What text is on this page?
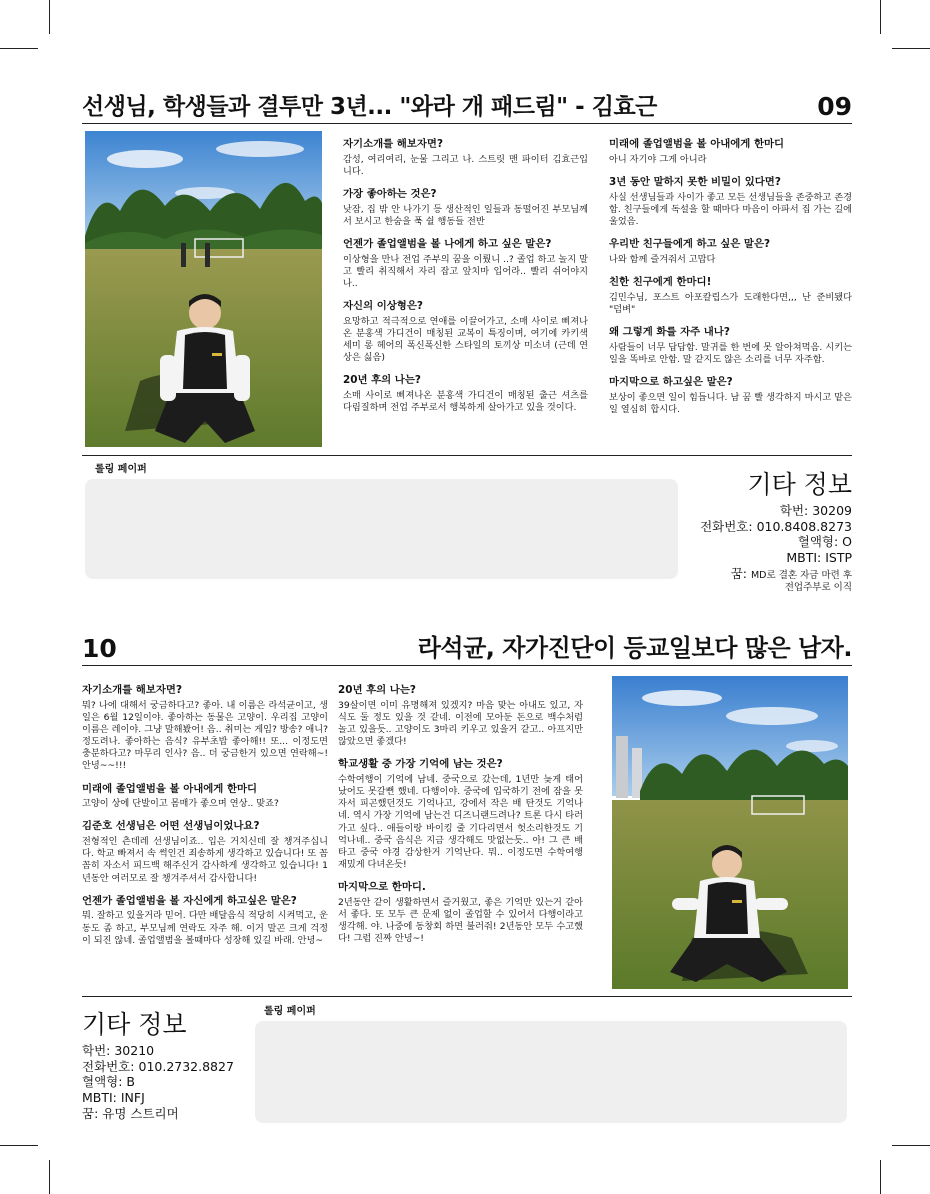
선생님, 학생들과 결투만 3년... "와라 개 패드림" - 김효근	09
자기소개를 해보자면?
감성, 여리여리, 눈물 그리고 나. 스트릿 맨 파이터 김효근입니다.
가장 좋아하는 것은?
낮잠, 집 밖 안 나가기 등 생산적인 일들과 동떨어진 부모님께서 보시고 한숨을 푹 쉴 행동들 전반
언젠가 졸업앨범을 볼 나에게 하고 싶은 말은?
이상형을 만나 전업 주부의 꿈을 이뤘니 ..? 졸업 하고 놀지 말고 빨리 취직해서 자리 잡고 앞치마 입어라.. 빨리 쉬어야지 나..
자신의 이상형은?
요망하고 적극적으로 연애를 이끌어가고, 소매 사이로 삐져나온 분홍색 가디건이 매칭된 교복이 특징이며, 여기에 카키색 세미 롱 헤어의 폭신폭신한 스타일의 토끼상 미소녀 (근데 연상은 싫음)
20년 후의 나는?
소매 사이로 삐져나온 분홍색 가디건이 매칭된 출근 셔츠를 다림질하며 전업 주부로서 행복하게 살아가고 있을 것이다.
미래에 졸업앨범을 볼 아내에게 한마디
아니 자기야 그게 아니라
3년 동안 말하지 못한 비밀이 있다면?
사실 선생님들과 사이가 좋고 모든 선생님들을 존중하고 존경함. 친구들에게 독설을 할 때마다 마음이 아파서 집 가는 길에 울었음.
우리반 친구들에게 하고 싶은 말은?
나와 함께 즐겨줘서 고맙다
친한 친구에게 한마디!
김민수님, 포스트 아포칼립스가 도래한다면,,, 난 준비됐다 "덤벼"
왜 그렇게 화를 자주 내나?
사람들이 너무 답답함. 말귀를 한 번에 못 알아쳐먹음. 시키는 일을 똑바로 안함. 말 같지도 않은 소리를 너무 자주함.
마지막으로 하고싶은 말은?
보상이 좋으면 일이 힘듭니다. 남 꿈 빨 생각하지 마시고 맡은 일 열심히 합시다.
롤링 페이퍼
기타 정보
학번: 30209
전화번호: 010.8408.8273
혈액형: O
MBTI: ISTP
꿈: MD로 결혼 자금 마련 후
전업주부로 이직
10	라석균, 자가진단이 등교일보다 많은 남자.
자기소개를 해보자면?
뭐? 나에 대해서 궁금하다고? 좋아. 내 이름은 라석균이고, 생일은 6월 12일이야. 좋아하는 동물은 고양이. 우리집 고양이 이름은 레이야. 그냥 말해봤어! 음.. 취미는 게임? 방송? 애니? 정도려나. 좋아하는 음식? 유부초밥 좋아해!! 또... 이정도면 충분하다고? 마무리 인사? 음.. 더 궁금한거 있으면 연락해~! 안녕~~!!!
미래에 졸업앨범을 볼 아내에게 한마디
고양이 상에 단발이고 몸매가 좋으며 연상.. 맞죠?
김준호 선생님은 어떤 선생님이었나요?
전형적인 츤데레 선생님이죠.. 입은 거치신데 잘 챙겨주십니다. 학교 빠져서 속 썩인건 죄송하게 생각하고 있습니다! 또 꼼꼼히 자소서 피드백 해주신거 감사하게 생각하고 있습니다! 1년동안 여러모로 잘 챙겨주셔서 감사합니다!
언젠가 졸업앨범을 볼 자신에게 하고싶은 말은?
뭐. 잘하고 있을거라 믿어. 다만 배달음식 적당히 시켜먹고, 운동도 좀 하고, 부모님께 연락도 자주 해. 이거 말곤 크게 걱정이 되진 않네. 졸업앨범을 볼때마다 성장해 있길 바래. 안녕~
20년 후의 나는?
39살이면 이미 유명해져 있겠지? 마음 맞는 아내도 있고, 자식도 둘 정도 있을 것 같네. 이전에 모아둔 돈으로 백수처럼 놀고 있을듯.. 고양이도 3마리 키우고 있을거 같고.. 아프지만 않았으면 좋겠다!
학교생활 중 가장 기억에 남는 것은?
수학여행이 기억에 남네. 중국으로 갔는데, 1년만 늦게 태어났어도 못갈뻔 했네. 다행이야. 중국에 입국하기 전에 잠을 못자서 피곤했던것도 기억나고, 강에서 작은 배 탄것도 기억나네. 역시 가장 기억에 남는건 디즈니랜드려나? 트론 다시 타러가고 싶다.. 애들이랑 바이킹 줄 기다리면서 헛소리한것도 기억나네.. 중국 음식은 지금 생각해도 맛없는듯.. 아! 그 큰 배타고 중국 야경 감상한거 기억난다. 뭐.. 이정도면 수학여행 재밌게 다녀온듯!
마지막으로 한마디.
2년동안 같이 생활하면서 즐거웠고, 좋은 기억만 있는거 같아서 좋다. 또 모두 큰 문제 없이 졸업할 수 있어서 다행이라고 생각해. 야. 나중에 동창회 하면 불러줘! 2년동안 모두 수고했다! 그럼 진짜 안녕~!
기타 정보
학번: 30210
전화번호: 010.2732.8827
혈액형: B
MBTI: INFJ
꿈: 유명 스트리머
롤링 페이퍼
